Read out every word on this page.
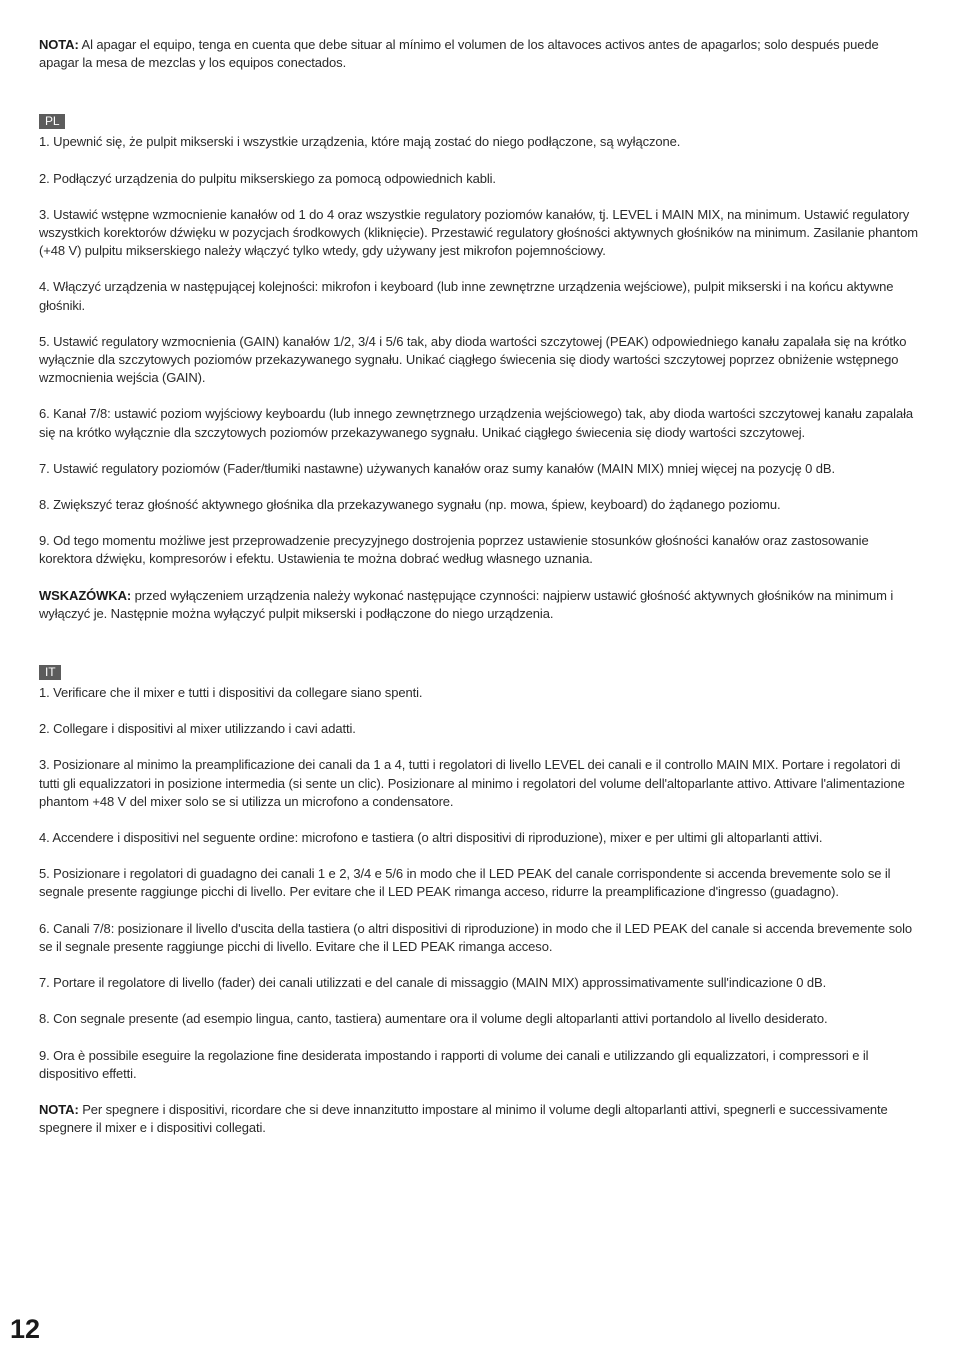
NOTA: Al apagar el equipo, tenga en cuenta que debe situar al mínimo el volumen de los altavoces activos antes de apagarlos; solo después puede apagar la mesa de mezclas y los equipos conectados.

PL

1. Upewnić się, że pulpit mikserski i wszystkie urządzenia, które mają zostać do niego podłączone, są wyłączone.

2. Podłączyć urządzenia do pulpitu mikserskiego za pomocą odpowiednich kabli.

3. Ustawić wstępne wzmocnienie kanałów od 1 do 4 oraz wszystkie regulatory poziomów kanałów, tj. LEVEL i MAIN MIX, na minimum. Ustawić regulatory wszystkich korektorów dźwięku w pozycjach środkowych (kliknięcie). Przestawić regulatory głośności aktywnych głośników na minimum. Zasilanie phantom (+48 V) pulpitu mikserskiego należy włączyć tylko wtedy, gdy używany jest mikrofon pojemnościowy.

4. Włączyć urządzenia w następującej kolejności: mikrofon i keyboard (lub inne zewnętrzne urządzenia wejściowe), pulpit mikserski i na końcu aktywne głośniki.

5. Ustawić regulatory wzmocnienia (GAIN) kanałów 1/2, 3/4 i 5/6 tak, aby dioda wartości szczytowej (PEAK) odpowiedniego kanału zapalała się na krótko wyłącznie dla szczytowych poziomów przekazywanego sygnału. Unikać ciągłego świecenia się diody wartości szczytowej poprzez obniżenie wstępnego wzmocnienia wejścia (GAIN).

6. Kanał 7/8: ustawić poziom wyjściowy keyboardu (lub innego zewnętrznego urządzenia wejściowego) tak, aby dioda wartości szczytowej kanału zapalała się na krótko wyłącznie dla szczytowych poziomów przekazywanego sygnału. Unikać ciągłego świecenia się diody wartości szczytowej.

7. Ustawić regulatory poziomów (Fader/tłumiki nastawne) używanych kanałów oraz sumy kanałów (MAIN MIX) mniej więcej na pozycję 0 dB.

8. Zwiększyć teraz głośność aktywnego głośnika dla przekazywanego sygnału (np. mowa, śpiew, keyboard) do żądanego poziomu.

9. Od tego momentu możliwe jest przeprowadzenie precyzyjnego dostrojenia poprzez ustawienie stosunków głośności kanałów oraz zastosowanie korektora dźwięku, kompresorów i efektu. Ustawienia te można dobrać według własnego uznania.

WSKAZÓWKA: przed wyłączeniem urządzenia należy wykonać następujące czynności: najpierw ustawić głośność aktywnych głośników na minimum i wyłączyć je. Następnie można wyłączyć pulpit mikserski i podłączone do niego urządzenia.

IT

1. Verificare che il mixer e tutti i dispositivi da collegare siano spenti.

2. Collegare i dispositivi al mixer utilizzando i cavi adatti.

3. Posizionare al minimo la preamplificazione dei canali da 1 a 4, tutti i regolatori di livello LEVEL dei canali e il controllo MAIN MIX. Portare i regolatori di tutti gli equalizzatori in posizione intermedia (si sente un clic). Posizionare al minimo i regolatori del volume dell'altoparlante attivo. Attivare l'alimentazione phantom +48 V del mixer solo se si utilizza un microfono a condensatore.

4. Accendere i dispositivi nel seguente ordine: microfono e tastiera (o altri dispositivi di riproduzione), mixer e per ultimi gli altoparlanti attivi.

5. Posizionare i regolatori di guadagno dei canali 1 e 2, 3/4 e 5/6 in modo che il LED PEAK del canale corrispondente si accenda brevemente solo se il segnale presente raggiunge picchi di livello. Per evitare che il LED PEAK rimanga acceso, ridurre la preamplificazione d'ingresso (guadagno).

6. Canali 7/8: posizionare il livello d'uscita della tastiera (o altri dispositivi di riproduzione) in modo che il LED PEAK del canale si accenda brevemente solo se il segnale presente raggiunge picchi di livello. Evitare che il LED PEAK rimanga acceso.

7. Portare il regolatore di livello (fader) dei canali utilizzati e del canale di missaggio (MAIN MIX) approssimativamente sull'indicazione 0 dB.

8. Con segnale presente (ad esempio lingua, canto, tastiera) aumentare ora il volume degli altoparlanti attivi portandolo al livello desiderato.

9. Ora è possibile eseguire la regolazione fine desiderata impostando i rapporti di volume dei canali e utilizzando gli equalizzatori, i compressori e il dispositivo effetti.

NOTA: Per spegnere i dispositivi, ricordare che si deve innanzitutto impostare al minimo il volume degli altoparlanti attivi, spegnerli e successivamente spegnere il mixer e i dispositivi collegati.

12
